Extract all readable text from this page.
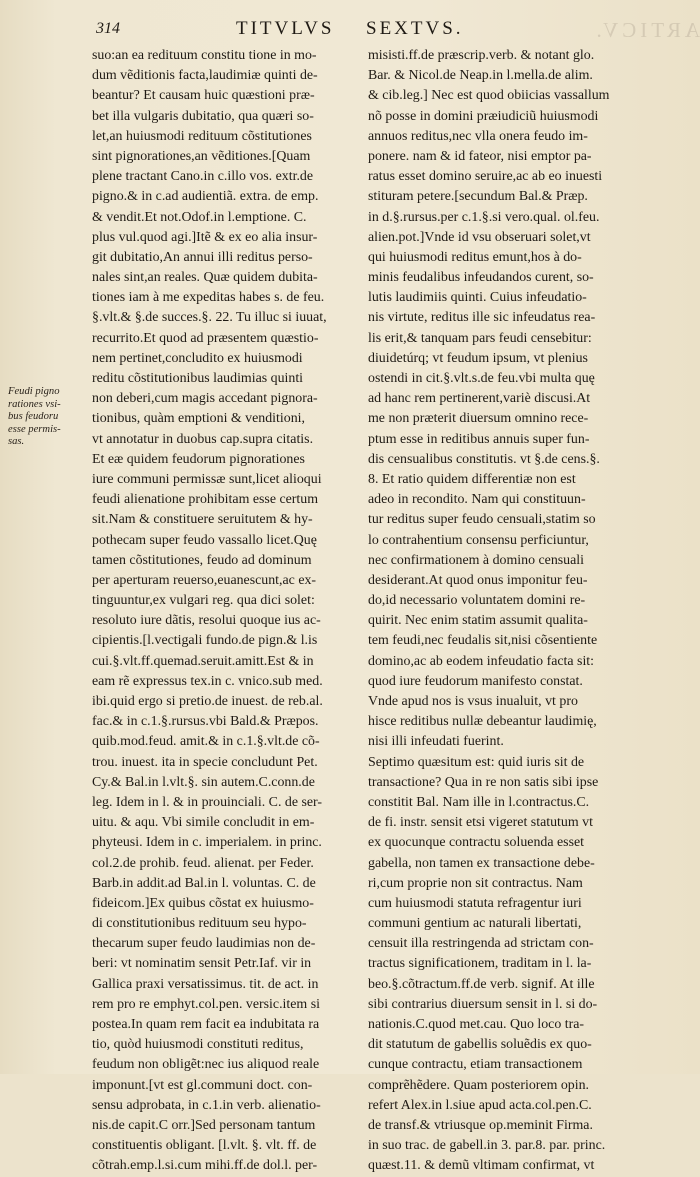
ARTICV.
314	TITVLVS SEXTVS.
Feudi pigno
rationes vsi-
bus feudoru
esse permis-
sas.
suo:an ea redituum constitu tione in mo-
dum vẽditionis facta,laudimiæ quinti de-
beantur? Et causam huic quæstioni præ-
bet illa vulgaris dubitatio, qua quæri so-
let,an huiusmodi redituum cõstitutiones
sint pignorationes,an vẽditiones.[Quam
plene tractant Cano.in c.illo vos. extr.de
pigno.& in c.ad audientiã. extra. de emp.
& vendit.Et not.Odof.in l.emptione. C.
plus vul.quod agi.]Itẽ & ex eo alia insur-
git dubitatio,An annui illi reditus perso-
nales sint,an reales. Quæ quidem dubita-
tiones iam à me expeditas habes s. de feu.
§.vlt.& §.de succes.§. 22. Tu illuc si iuuat,
recurrito.Et quod ad præsentem quæstio-
nem pertinet,concludito ex huiusmodi
reditu cõstitutionibus laudimias quinti
non deberi,cum magis accedant pignora-
tionibus, quàm emptioni & venditioni,
vt annotatur in duobus cap.supra citatis.
Et eæ quidem feudorum pignorationes
iure communi permissæ sunt,licet alioqui
feudi alienatione prohibitam esse certum
sit.Nam & constituere seruitutem & hy-
pothecam super feudo vassallo licet.Quę
tamen cõstitutiones, feudo ad dominum
per aperturam reuerso,euanescunt,ac ex-
tinguuntur,ex vulgari reg. qua dici solet:
resoluto iure dãtis, resolui quoque ius ac-
cipientis.[l.vectigali fundo.de pign.& l.is
cui.§.vlt.ff.quemad.seruit.amitt.Est & in
eam rẽ expressus tex.in c. vnico.sub med.
ibi.quid ergo si pretio.de inuest. de reb.al.
fac.& in c.1.§.rursus.vbi Bald.& Præpos.
quib.mod.feud. amit.& in c.1.§.vlt.de cõ-
trou. inuest. ita in specie concludunt Pet.
Cy.& Bal.in l.vlt.§. sin autem.C.conn.de
leg. Idem in l. & in prouinciali. C. de ser-
uitu. & aqu. Vbi simile concludit in em-
phyteusi. Idem in c. imperialem. in princ.
col.2.de prohib. feud. alienat. per Feder.
Barb.in addit.ad Bal.in l. voluntas. C. de
fideicom.]Ex quibus cõstat ex huiusmo-
di constitutionibus redituum seu hypo-
thecarum super feudo laudimias non de-
beri: vt nominatim sensit Petr.Iaf. vir in
Gallica praxi versatissimus. tit. de act. in
rem pro re emphyt.col.pen. versic.item si
postea.In quam rem facit ea indubitata ra
tio, quòd huiusmodi constituti reditus,
feudum non obligẽt:nec ius aliquod reale
imponunt.[vt est gl.communi doct. con-
sensu adprobata, in c.1.in verb. alienatio-
nis.de capit.C orr.]Sed personam tantum
constituentis obligant. [l.vlt. §. vlt. ff. de
cõtrah.emp.l.si.cum mihi.ff.de dol.l. per-
misisti.ff.de præscrip.verb. & notant glo.
Bar. & Nicol.de Neap.in l.mella.de alim.
& cib.leg.] Nec est quod obiicias vassallum
nõ posse in domini præiudiciũ huiusmodi
annuos reditus,nec vlla onera feudo im-
ponere. nam & id fateor, nisi emptor pa-
ratus esset domino seruire,ac ab eo inuesti
stituram petere.[secundum Bal.& Præp.
in d.§.rursus.per c.1.§.si vero.qual. ol.feu.
alien.pot.]Vnde id vsu obseruari solet,vt
qui huiusmodi reditus emunt,hos à do-
minis feudalibus infeudandos curent, so-
lutis laudimiis quinti. Cuius infeudatio-
nis virtute, reditus ille sic infeudatus rea-
lis erit,& tanquam pars feudi censebitur:
diuidetúrq; vt feudum ipsum, vt plenius
ostendi in cit.§.vlt.s.de feu.vbi multa quę
ad hanc rem pertinerent,variè discusi.At
me non præterit diuersum omnino rece-
ptum esse in reditibus annuis super fun-
dis censualibus constitutis. vt §.de cens.§.
8. Et ratio quidem differentiæ non est
adeo in recondito. Nam qui constituun-
tur reditus super feudo censuali,statim so
lo contrahentium consensu perficiuntur,
nec confirmationem à domino censuali
desiderant.At quod onus imponitur feu-
do,id necessario voluntatem domini re-
quirit. Nec enim statim assumit qualita-
tem feudi,nec feudalis sit,nisi cõsentiente
domino,ac ab eodem infeudatio facta sit:
quod iure feudorum manifesto constat.
Vnde apud nos is vsus inualuit, vt pro
hisce reditibus nullæ debeantur laudimię,
nisi illi infeudati fuerint.
Septimo quæsitum est: quid iuris sit de
transactione? Qua in re non satis sibi ipse
constitit Bal. Nam ille in l.contractus.C.
de fi. instr. sensit etsi vigeret statutum vt
ex quocunque contractu soluenda esset
gabella, non tamen ex transactione debe-
ri,cum proprie non sit contractus. Nam
cum huiusmodi statuta refragentur iuri
communi gentium ac naturali libertati,
censuit illa restringenda ad strictam con-
tractus significationem, traditam in l. la-
beo.§.cõtractum.ff.de verb. signif. At ille
sibi contrarius diuersum sensit in l. si do-
nationis.C.quod met.cau. Quo loco tra-
dit statutum de gabellis soluẽdis ex quo-
cunque contractu, etiam transactionem
comprẽhẽdere. Quam posteriorem opin.
refert Alex.in l.siue apud acta.col.pen.C.
de transf.& vtriusque op.meminit Firma.
in suo trac. de gabell.in 3. par.8. par. princ.
quæst.11. & demũ vltimam confirmat, vt
